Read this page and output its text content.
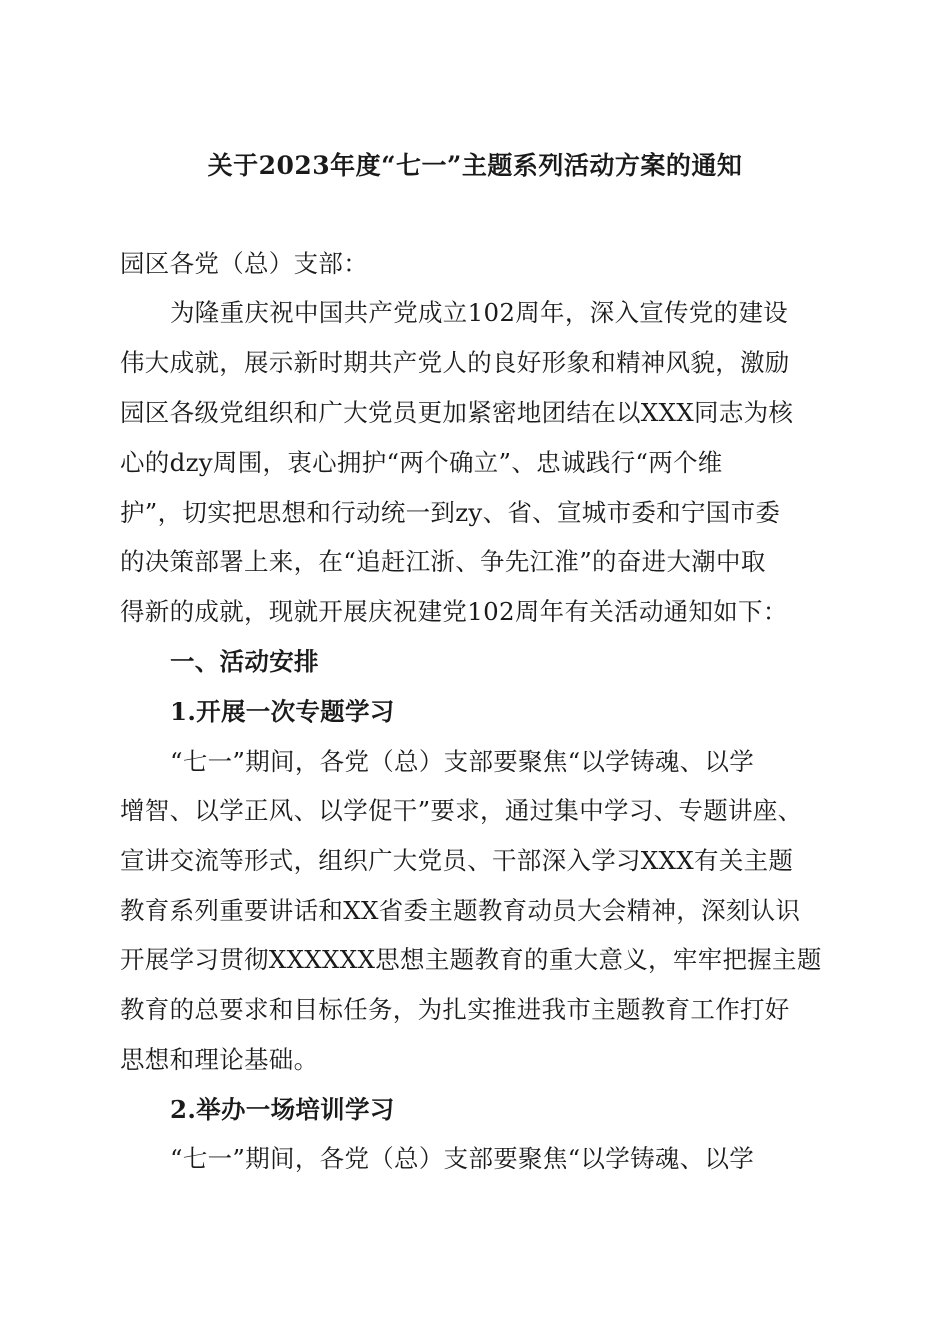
关于2023年度“七一”主题系列活动方案的通知
园区各党（总）支部：
为隆重庆祝中国共产党成立102周年，深入宣传党的建设
伟大成就，展示新时期共产党人的良好形象和精神风貌，激励
园区各级党组织和广大党员更加紧密地团结在以XXX同志为核
心的dzy周围，衷心拥护“两个确立”、忠诚践行“两个维
护”，切实把思想和行动统一到zy、省、宣城市委和宁国市委
的决策部署上来，在“追赶江浙、争先江淮”的奋进大潮中取
得新的成就，现就开展庆祝建党102周年有关活动通知如下：
一、活动安排
1.开展一次专题学习
“七一”期间，各党（总）支部要聚焦“以学铸魂、以学
增智、以学正风、以学促干”要求，通过集中学习、专题讲座、
宣讲交流等形式，组织广大党员、干部深入学习XXX有关主题
教育系列重要讲话和XX省委主题教育动员大会精神，深刻认识
开展学习贯彻XXXXXX思想主题教育的重大意义，牢牢把握主题
教育的总要求和目标任务，为扎实推进我市主题教育工作打好
思想和理论基础。
2.举办一场培训学习
“七一”期间，各党（总）支部要聚焦“以学铸魂、以学
